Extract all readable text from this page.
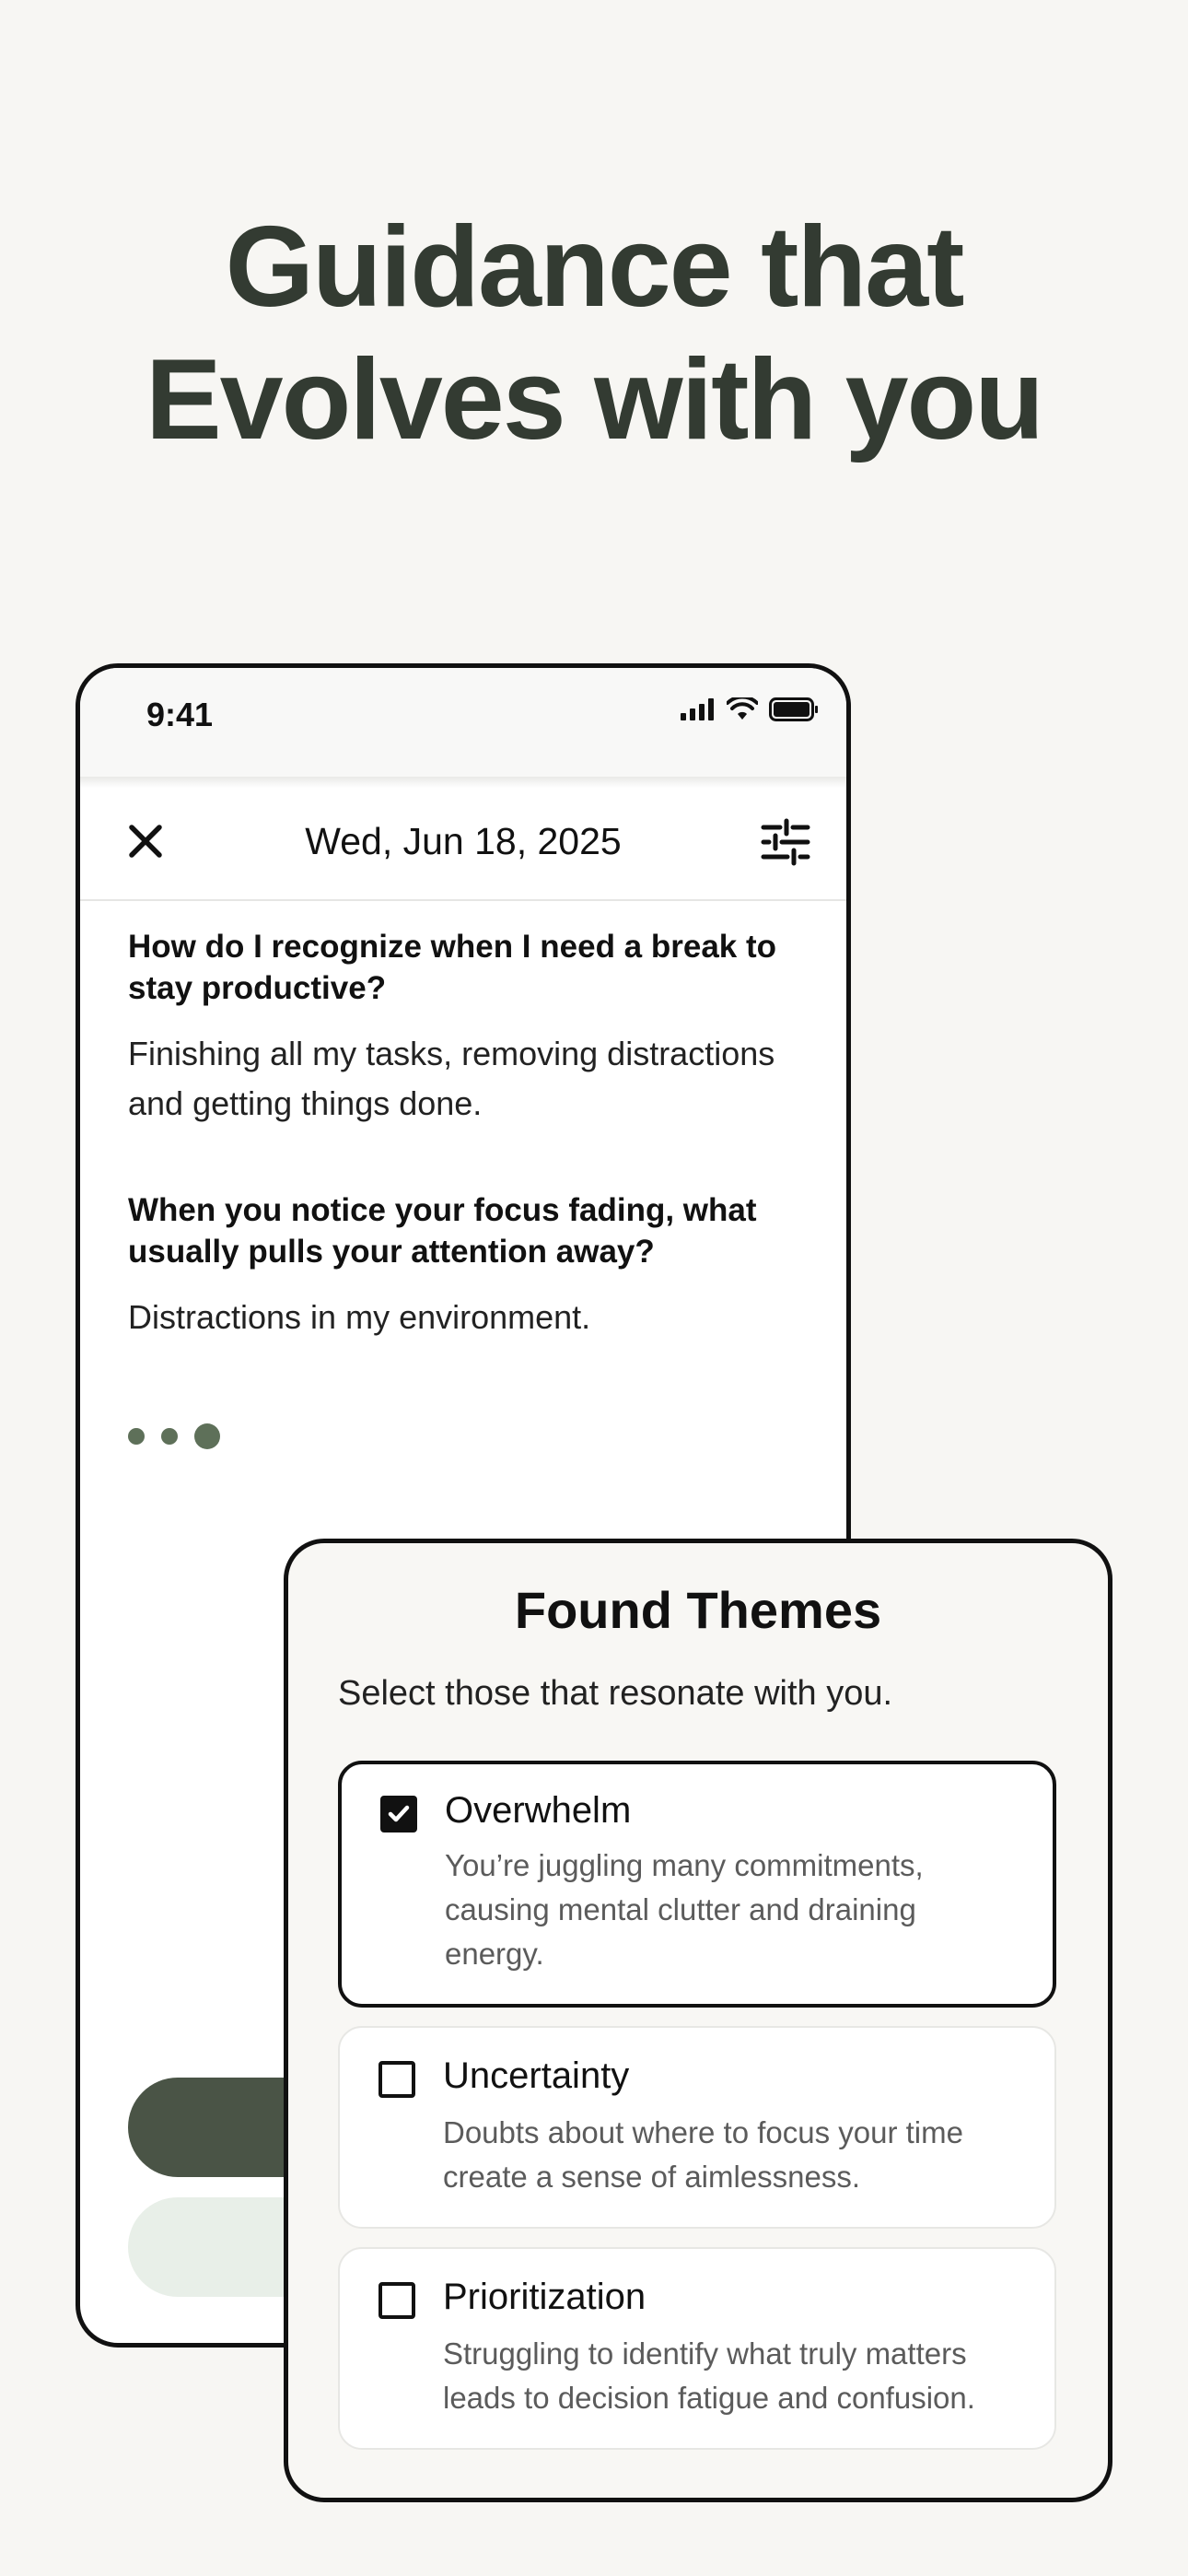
Guidance that
Evolves with you
9:41
Wed, Jun 18, 2025
How do I recognize when I need a break to stay productive?
Finishing all my tasks, removing distractions and getting things done.
When you notice your focus fading, what usually pulls your attention away?
Distractions in my environment.
Found Themes
Select those that resonate with you.
Overwhelm
You’re juggling many commitments, causing mental clutter and draining energy.
Uncertainty
Doubts about where to focus your time create a sense of aimlessness.
Prioritization
Struggling to identify what truly matters leads to decision fatigue and confusion.
